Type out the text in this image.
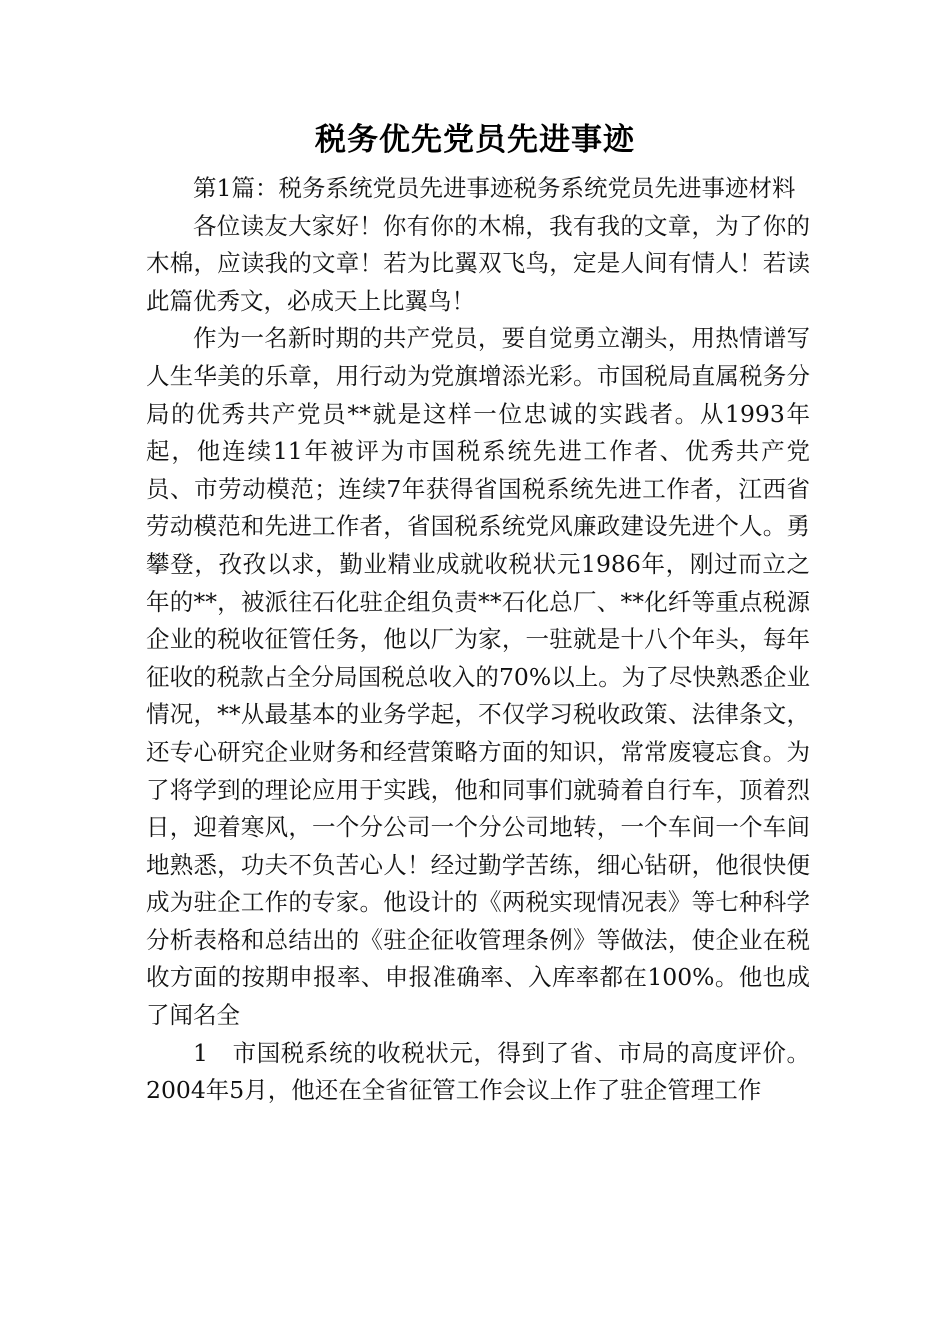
税务优先党员先进事迹

第1篇：税务系统党员先进事迹税务系统党员先进事迹材料

各位读友大家好！你有你的木棉，我有我的文章，为了你的木棉，应读我的文章！若为比翼双飞鸟，定是人间有情人！若读此篇优秀文，必成天上比翼鸟！

作为一名新时期的共产党员，要自觉勇立潮头，用热情谱写人生华美的乐章，用行动为党旗增添光彩。市国税局直属税务分局的优秀共产党员**就是这样一位忠诚的实践者。从1993年起，他连续11年被评为市国税系统先进工作者、优秀共产党员、市劳动模范；连续7年获得省国税系统先进工作者，江西省劳动模范和先进工作者，省国税系统党风廉政建设先进个人。勇攀登，孜孜以求，勤业精业成就收税状元1986年，刚过而立之年的**，被派往石化驻企组负责**石化总厂、**化纤等重点税源企业的税收征管任务，他以厂为家，一驻就是十八个年头，每年征收的税款占全分局国税总收入的70%以上。为了尽快熟悉企业情况，**从最基本的业务学起，不仅学习税收政策、法律条文，还专心研究企业财务和经营策略方面的知识，常常废寝忘食。为了将学到的理论应用于实践，他和同事们就骑着自行车，顶着烈日，迎着寒风，一个分公司一个分公司地转，一个车间一个车间地熟悉，功夫不负苦心人！经过勤学苦练，细心钻研，他很快便成为驻企工作的专家。他设计的《两税实现情况表》等七种科学分析表格和总结出的《驻企征收管理条例》等做法，使企业在税收方面的按期申报率、申报准确率、入库率都在100%。他也成了闻名全

1　市国税系统的收税状元，得到了省、市局的高度评价。2004年5月，他还在全省征管工作会议上作了驻企管理工作
